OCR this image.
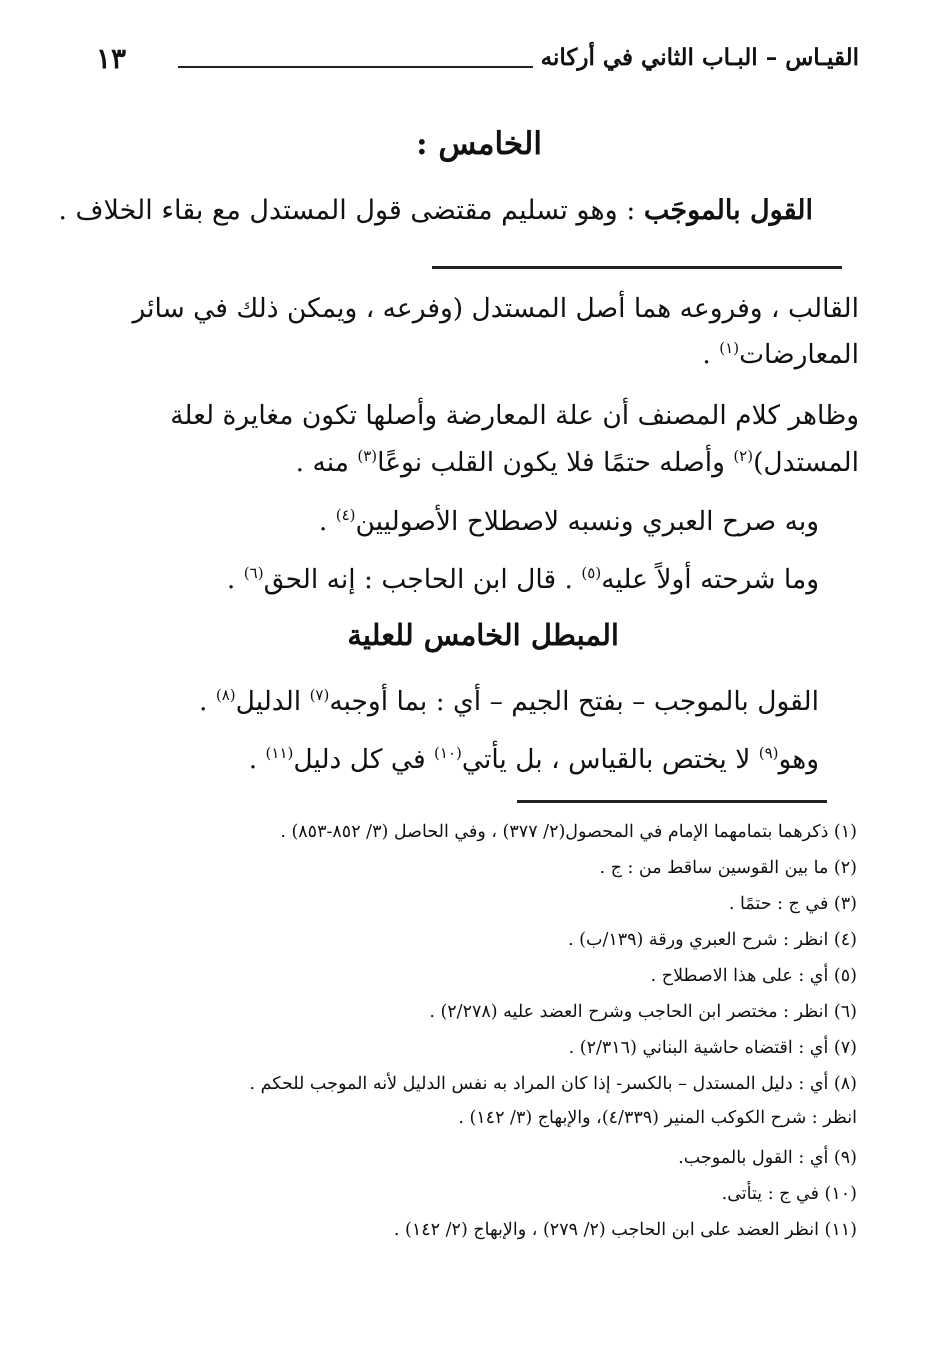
القيـاس – البـاب الثاني في أركانه
١٣
الخامس :
القول بالموجَب : وهو تسليم مقتضى قول المستدل مع بقاء الخلاف .
القالب ، وفروعه هما أصل المستدل (وفرعه ، ويمكن ذلك في سائر
المعارضات$^{(١)}$ .
وظاهر كلام المصنف أن علة المعارضة وأصلها تكون مغايرة لعلة
المستدل)$^{(٢)}$ وأصله حتمًا فلا يكون القلب نوعًا$^{(٣)}$ منه .
وبه صرح العبري ونسبه لاصطلاح الأصوليين$^{(٤)}$ .
وما شرحته أولاً عليه$^{(٥)}$ . قال ابن الحاجب : إنه الحق$^{(٦)}$ .
المبطل الخامس للعلية
القول بالموجب – بفتح الجيم – أي : بما أوجبه$^{(٧)}$ الدليل$^{(٨)}$ .
وهو$^{(٩)}$ لا يختص بالقياس ، بل يأتي$^{(١٠)}$ في كل دليل$^{(١١)}$ .
(١) ذكرهما بتمامهما الإمام في المحصول(٢/ ٣٧٧) ، وفي الحاصل (٣/ ٨٥٢-٨٥٣) .
(٢) ما بين القوسين ساقط من : ج .
(٣) في ج : حتمًا .
(٤) انظر : شرح العبري ورقة (١٣٩/ب) .
(٥) أي : على هذا الاصطلاح .
(٦) انظر : مختصر ابن الحاجب وشرح العضد عليه (٢/٢٧٨) .
(٧) أي : اقتضاه حاشية البناني (٢/٣١٦) .
(٨) أي : دليل المستدل – بالكسر- إذا كان المراد به نفس الدليل لأنه الموجب للحكم .
انظر : شرح الكوكب المنير (٤/٣٣٩)، والإبهاج (٣/ ١٤٢) .
(٩) أي : القول بالموجب.
(١٠) في ج : يتأتى.
(١١) انظر العضد على ابن الحاجب (٢/ ٢٧٩) ، والإبهاج (٢/ ١٤٢) .
